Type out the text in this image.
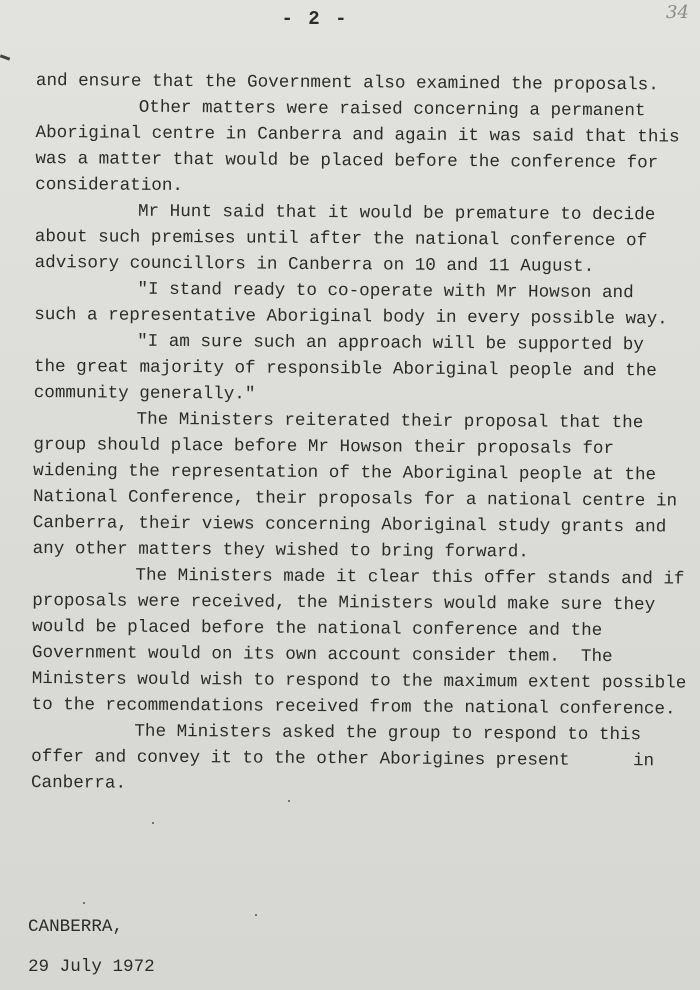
- 2 -	34
and ensure that the Government also examined the proposals.
Other matters were raised concerning a permanent
Aboriginal centre in Canberra and again it was said that this
was a matter that would be placed before the conference for
consideration.
Mr Hunt said that it would be premature to decide
about such premises until after the national conference of
advisory councillors in Canberra on 10 and 11 August.
"I stand ready to co-operate with Mr Howson and
such a representative Aboriginal body in every possible way.
"I am sure such an approach will be supported by
the great majority of responsible Aboriginal people and the
community generally."
The Ministers reiterated their proposal that the
group should place before Mr Howson their proposals for
widening the representation of the Aboriginal people at the
National Conference, their proposals for a national centre in
Canberra, their views concerning Aboriginal study grants and
any other matters they wished to bring forward.
The Ministers made it clear this offer stands and if
proposals were received, the Ministers would make sure they
would be placed before the national conference and the
Government would on its own account consider them.  The
Ministers would wish to respond to the maximum extent possible
to the recommendations received from the national conference.
The Ministers asked the group to respond to this
offer and convey it to the other Aborigines present      in
Canberra.
CANBERRA,
29 July 1972
